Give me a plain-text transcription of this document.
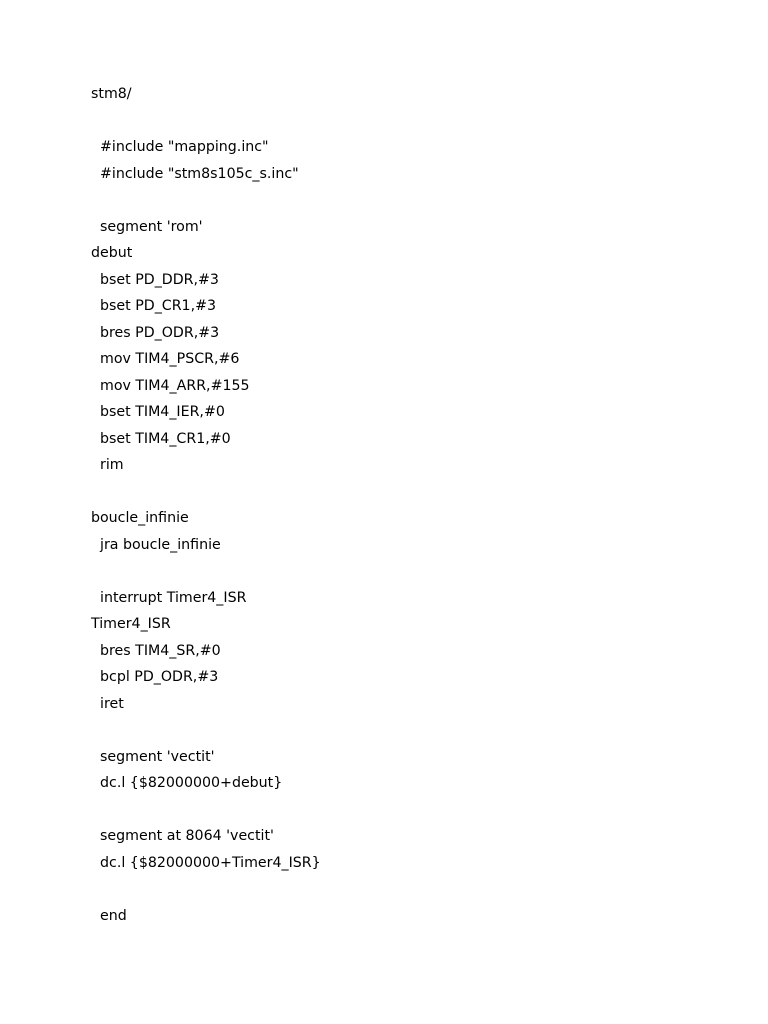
stm8/
#include "mapping.inc"
#include "stm8s105c_s.inc"
segment 'rom'
debut
bset PD_DDR,#3
bset PD_CR1,#3
bres PD_ODR,#3
mov TIM4_PSCR,#6
mov TIM4_ARR,#155
bset TIM4_IER,#0
bset TIM4_CR1,#0
rim
boucle_infinie
jra boucle_infinie
interrupt Timer4_ISR
Timer4_ISR
bres TIM4_SR,#0
bcpl PD_ODR,#3
iret
segment 'vectit'
dc.l {$82000000+debut}
segment at 8064 'vectit'
dc.l {$82000000+Timer4_ISR}
end
